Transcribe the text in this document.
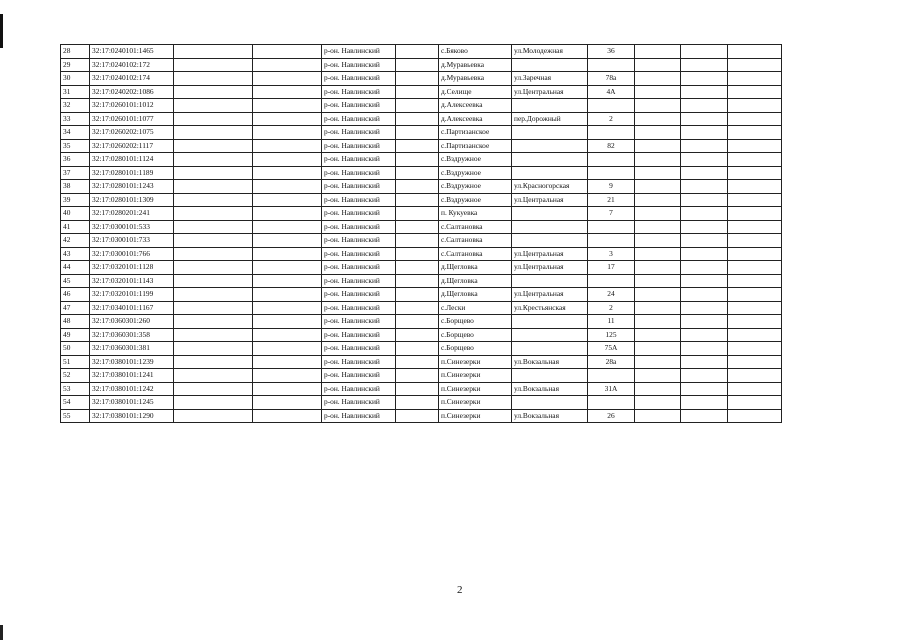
28	32:17:0240101:1465			р-он. Навлинский		с.Бяково	ул.Молодежная	36			
29	32:17:0240102:172			р-он. Навлинский		д.Муравьевка					
30	32:17:0240102:174			р-он. Навлинский		д.Муравьевка	ул.Заречная	78а			
31	32:17:0240202:1086			р-он. Навлинский		д.Селище	ул.Центральная	4А			
32	32:17:0260101:1012			р-он. Навлинский		д.Алексеевка					
33	32:17:0260101:1077			р-он. Навлинский		д.Алексеевка	пер.Дорожный	2			
34	32:17:0260202:1075			р-он. Навлинский		с.Партизанское					
35	32:17:0260202:1117			р-он. Навлинский		с.Партизанское		82			
36	32:17:0280101:1124			р-он. Навлинский		с.Вздружное					
37	32:17:0280101:1189			р-он. Навлинский		с.Вздружное					
38	32:17:0280101:1243			р-он. Навлинский		с.Вздружное	ул.Красногорская	9			
39	32:17:0280101:1309			р-он. Навлинский		с.Вздружное	ул.Центральная	21			
40	32:17:0280201:241			р-он. Навлинский		п. Кукуевка		7			
41	32:17:0300101:533			р-он. Навлинский		с.Салтановка					
42	32:17:0300101:733			р-он. Навлинский		с.Салтановка					
43	32:17:0300101:766			р-он. Навлинский		с.Салтановка	ул.Центральная	3			
44	32:17:0320101:1128			р-он. Навлинский		д.Щегловка	ул.Центральная	17			
45	32:17:0320101:1143			р-он. Навлинский		д.Щегловка					
46	32:17:0320101:1199			р-он. Навлинский		д.Щегловка	ул.Центральная	24			
47	32:17:0340101:1167			р-он. Навлинский		с.Лески	ул.Крестьянская	2			
48	32:17:0360301:260			р-он. Навлинский		с.Борщево		11			
49	32:17:0360301:358			р-он. Навлинский		с.Борщево		125			
50	32:17:0360301:381			р-он. Навлинский		с.Борщево		75А			
51	32:17:0380101:1239			р-он. Навлинский		п.Синезерки	ул.Вокзальная	28а			
52	32:17:0380101:1241			р-он. Навлинский		п.Синезерки					
53	32:17:0380101:1242			р-он. Навлинский		п.Синезерки	ул.Вокзальная	31А			
54	32:17:0380101:1245			р-он. Навлинский		п.Синезерки					
55	32:17:0380101:1290			р-он. Навлинский		п.Синезерки	ул.Вокзальная	26			
2
